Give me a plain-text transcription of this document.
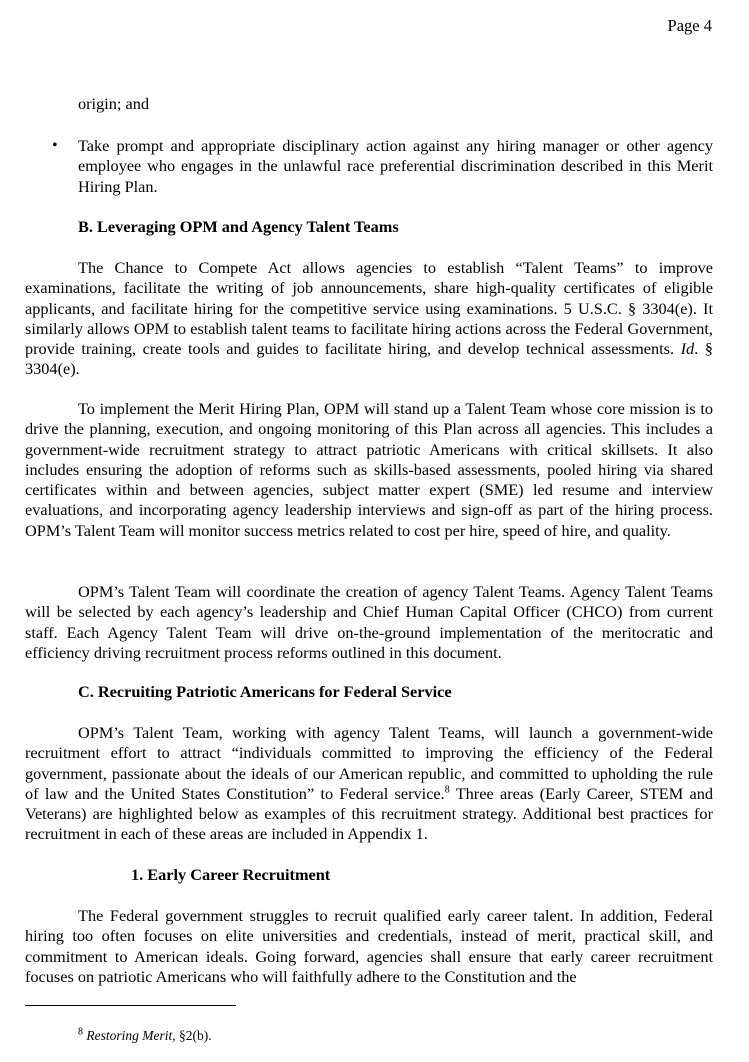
Page 4

origin; and

• Take prompt and appropriate disciplinary action against any hiring manager or other agency employee who engages in the unlawful race preferential discrimination described in this Merit Hiring Plan.

B. Leveraging OPM and Agency Talent Teams

The Chance to Compete Act allows agencies to establish “Talent Teams” to improve examinations, facilitate the writing of job announcements, share high-quality certificates of eligible applicants, and facilitate hiring for the competitive service using examinations. 5 U.S.C. § 3304(e). It similarly allows OPM to establish talent teams to facilitate hiring actions across the Federal Government, provide training, create tools and guides to facilitate hiring, and develop technical assessments. Id. § 3304(e).

To implement the Merit Hiring Plan, OPM will stand up a Talent Team whose core mission is to drive the planning, execution, and ongoing monitoring of this Plan across all agencies. This includes a government-wide recruitment strategy to attract patriotic Americans with critical skillsets. It also includes ensuring the adoption of reforms such as skills-based assessments, pooled hiring via shared certificates within and between agencies, subject matter expert (SME) led resume and interview evaluations, and incorporating agency leadership interviews and sign-off as part of the hiring process. OPM’s Talent Team will monitor success metrics related to cost per hire, speed of hire, and quality.

OPM’s Talent Team will coordinate the creation of agency Talent Teams. Agency Talent Teams will be selected by each agency’s leadership and Chief Human Capital Officer (CHCO) from current staff. Each Agency Talent Team will drive on-the-ground implementation of the meritocratic and efficiency driving recruitment process reforms outlined in this document.

C. Recruiting Patriotic Americans for Federal Service

OPM’s Talent Team, working with agency Talent Teams, will launch a government-wide recruitment effort to attract “individuals committed to improving the efficiency of the Federal government, passionate about the ideals of our American republic, and committed to upholding the rule of law and the United States Constitution” to Federal service.$^8$ Three areas (Early Career, STEM and Veterans) are highlighted below as examples of this recruitment strategy. Additional best practices for recruitment in each of these areas are included in Appendix 1.

1. Early Career Recruitment

The Federal government struggles to recruit qualified early career talent. In addition, Federal hiring too often focuses on elite universities and credentials, instead of merit, practical skill, and commitment to American ideals. Going forward, agencies shall ensure that early career recruitment focuses on patriotic Americans who will faithfully adhere to the Constitution and the

$^8$ Restoring Merit, §2(b).
